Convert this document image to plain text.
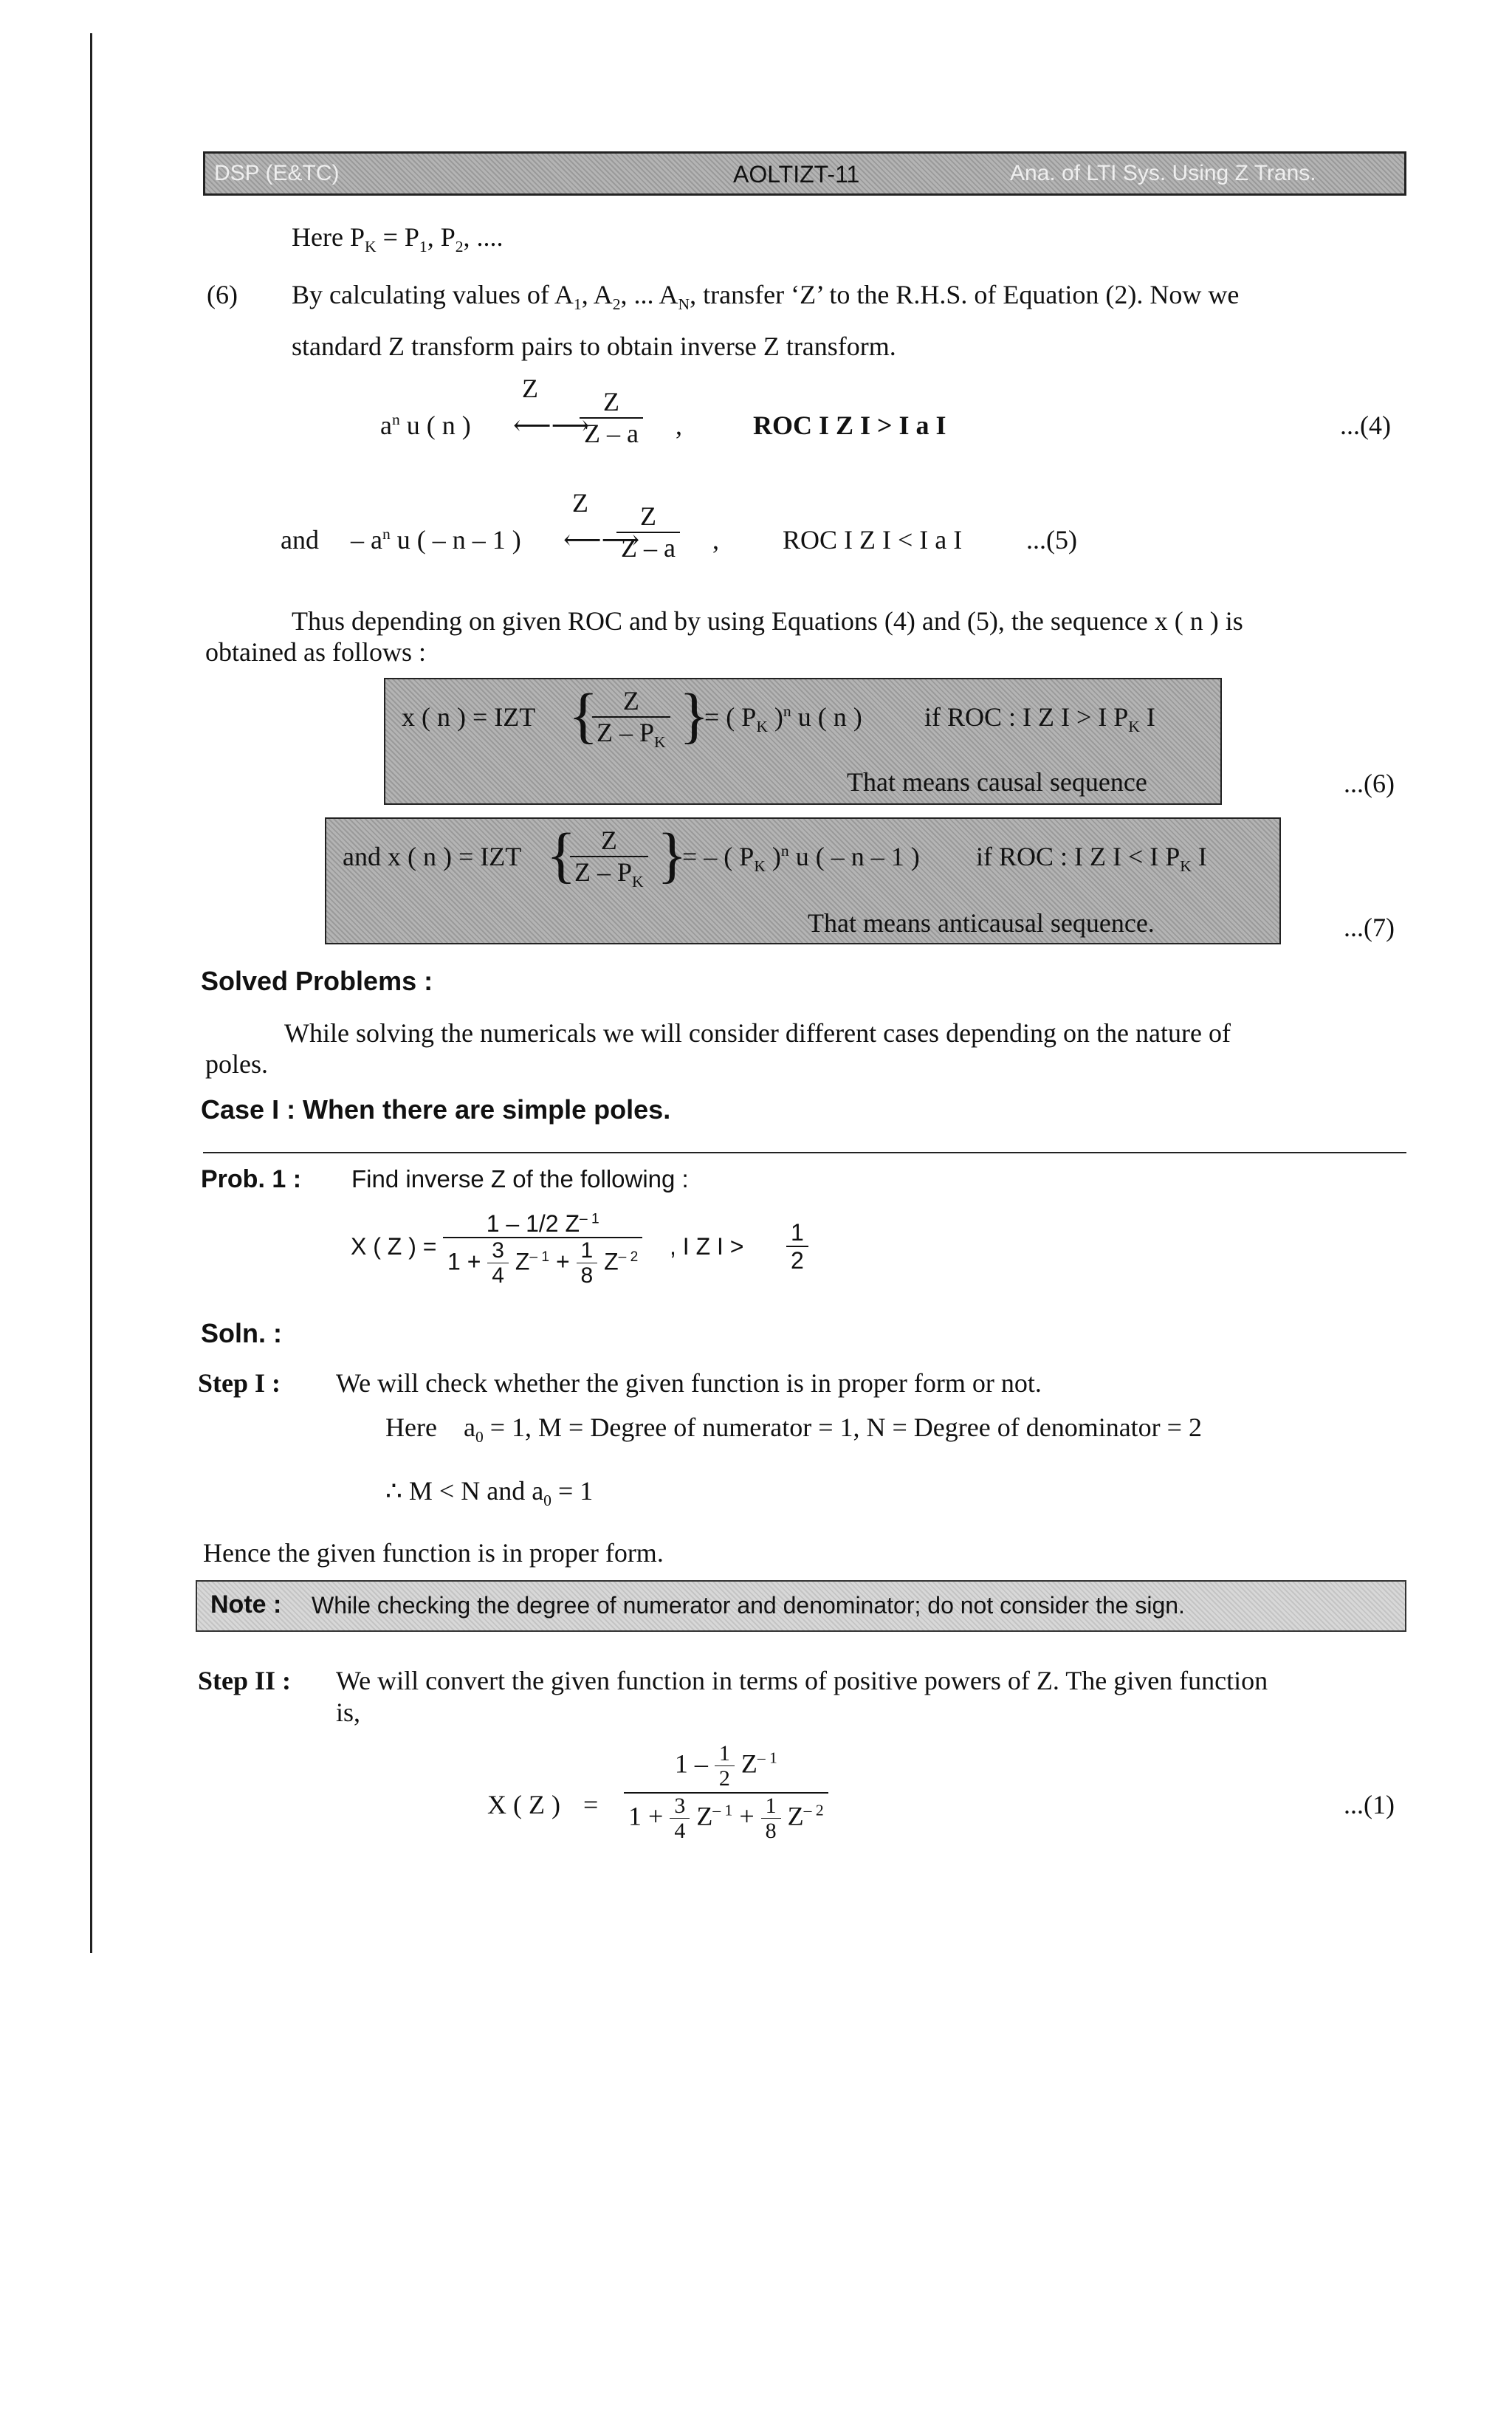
DSP (E&TC)	AOLTIZT-11	Ana. of LTI Sys. Using Z Trans.
Here $P_K = P_1$, $P_2$, ....
(6) By calculating values of $A_1$, $A_2$, ... $A_N$, transfer ‘Z’ to the R.H.S. of Equation (2). Now we
standard Z transform pairs to obtain inverse Z transform.
$a^n$ u ( n )
Z
⟵⟶
$\frac{Z}{Z - a}$ ,	ROC I Z I > I a I	...(4)
and – $a^n$ u ( – n – 1 )
Z
⟵⟶
$\frac{Z}{Z - a}$ , ROC I Z I < I a I ...(5)
Thus depending on given ROC and by using Equations (4) and (5), the sequence x ( n ) is
obtained as follows :
x ( n ) = IZT {
$\frac{Z}{Z - P_K}$ }
= ( $P_K$ )$^n$ u ( n ) if ROC : I Z I > I $P_K$ I
That means causal sequence	...(6)
and x ( n ) = IZT {
$\frac{Z}{Z - P_K}$ }
= – ( $P_K$ )$^n$ u ( – n – 1 ) if ROC : I Z I < I $P_K$ I
That means anticausal sequence.	...(7)
Solved Problems :
While solving the numericals we will consider different cases depending on the nature of
poles.
Case I : When there are simple poles.
Prob. 1 : Find inverse Z of the following :
X ( Z ) = $\frac{1 - 1/2 Z^{- 1}}{1 + \frac{3}{4} Z^{- 1} + \frac{1}{8} Z^{- 2}}$ , I Z $I > \frac{1}{2}$
Soln. :
Step I : We will check whether the given function is in proper form or not.
Here    $a_0 = 1$, M = Degree of numerator = 1, N = Degree of denominator = 2
∴ M < N and $a_0 = 1$
Hence the given function is in proper form.
Note : While checking the degree of numerator and denominator; do not consider the sign.
Step II : We will convert the given function in terms of positive powers of Z. The given function
is,
X ( Z ) = $\frac{1 - \frac{1}{2} Z^{- 1}}{1 + \frac{3}{4} Z^{- 1} + \frac{1}{8} Z^{- 2}}$	...(1)
